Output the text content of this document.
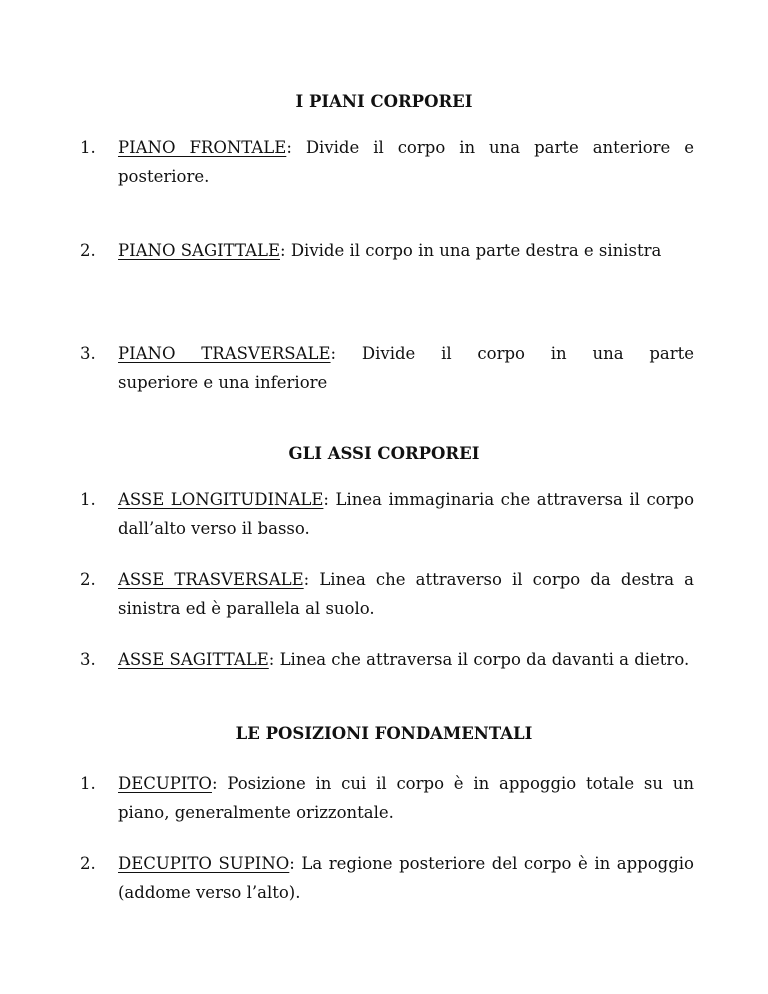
I PIANI CORPOREI
1.	PIANO FRONTALE: Divide il corpo in una parte anteriore e posteriore.
2.	PIANO SAGITTALE: Divide il corpo in una parte destra e sinistra
3.	PIANO TRASVERSALE: Divide il corpo in una parte
superiore e una inferiore
GLI ASSI CORPOREI
1.	ASSE LONGITUDINALE: Linea immaginaria che attraversa il corpo dall’alto verso il basso.
2.	ASSE TRASVERSALE: Linea che attraverso il corpo da destra a sinistra ed è parallela al suolo.
3.	ASSE SAGITTALE: Linea che attraversa il corpo da davanti a dietro.
LE POSIZIONI FONDAMENTALI
1.	DECUPITO: Posizione in cui il corpo è in appoggio totale su un piano, generalmente orizzontale.
2.	DECUPITO SUPINO: La regione posteriore del corpo è in appoggio (addome verso l’alto).
